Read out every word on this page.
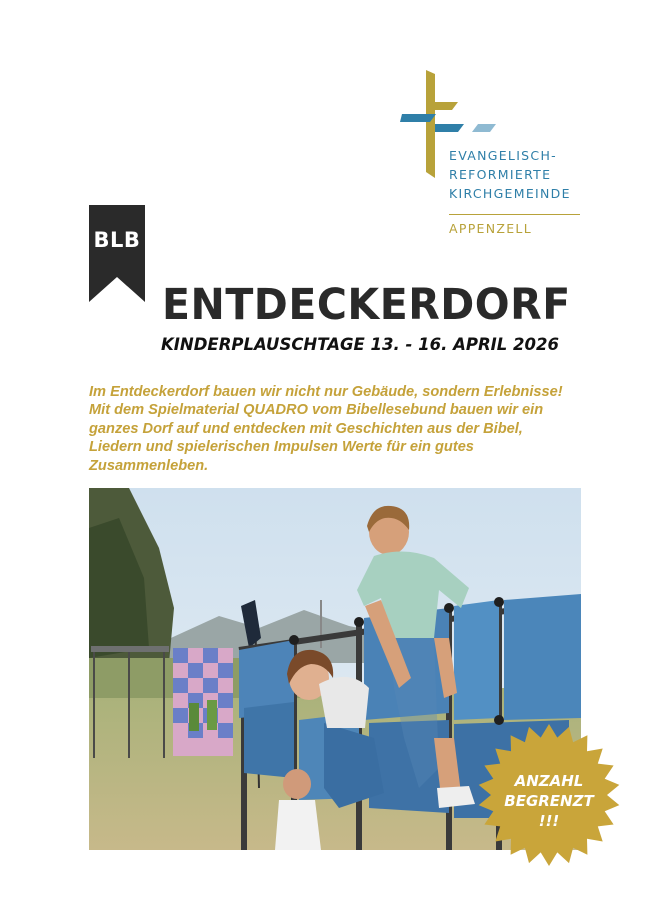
EVANGELISCH-
REFORMIERTE
KIRCHGEMEINDE
APPENZELL
BLB
ENTDECKERDORF
KINDERPLAUSCHTAGE 13. - 16. APRIL 2026

Im Entdeckerdorf bauen wir nicht nur Gebäude, sondern Erlebnisse! Mit dem Spielmaterial QUADRO vom Bibellesebund bauen wir ein ganzes Dorf auf und entdecken mit Geschichten aus der Bibel, Liedern und spielerischen Impulsen Werte für ein gutes Zusammenleben.

ANZAHL
BEGRENZT
!!!
